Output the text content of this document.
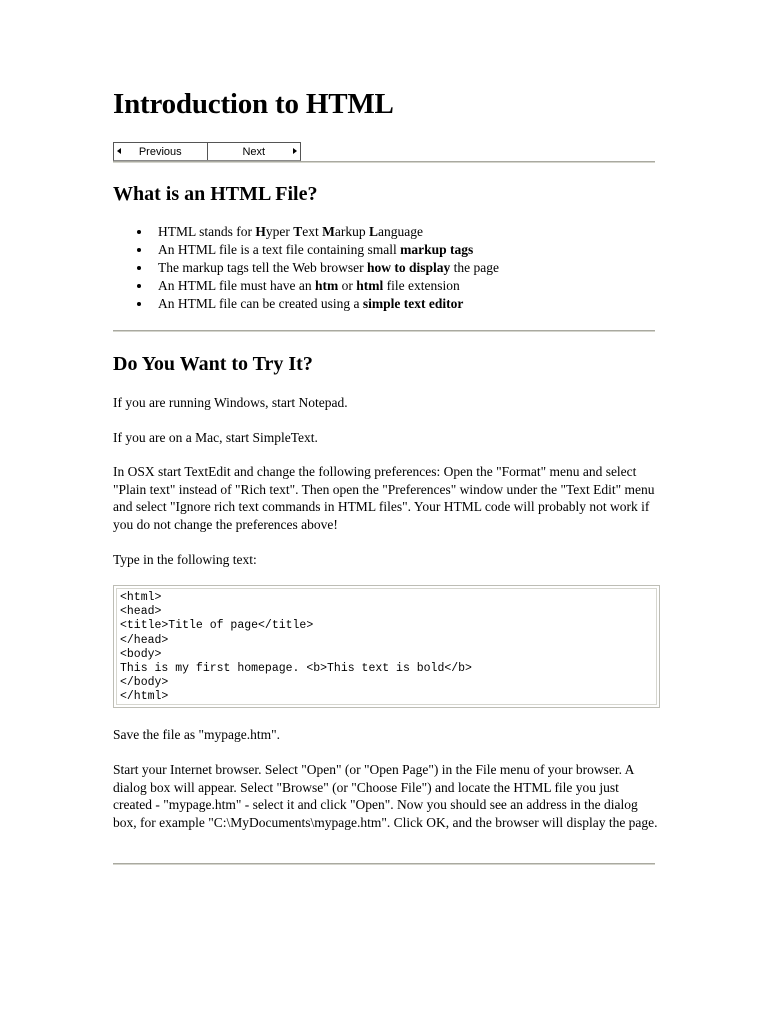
Introduction to HTML
Previous	Next
What is an HTML File?
HTML stands for Hyper Text Markup Language
An HTML file is a text file containing small markup tags
The markup tags tell the Web browser how to display the page
An HTML file must have an htm or html file extension
An HTML file can be created using a simple text editor
Do You Want to Try It?

If you are running Windows, start Notepad.

If you are on a Mac, start SimpleText.

In OSX start TextEdit and change the following preferences: Open the "Format" menu and select "Plain text" instead of "Rich text". Then open the "Preferences" window under the "Text Edit" menu and select "Ignore rich text commands in HTML files". Your HTML code will probably not work if you do not change the preferences above!

Type in the following text:

<html>
<head>
<title>Title of page</title>
</head>
<body>
This is my first homepage. <b>This text is bold</b>
</body>
</html>

Save the file as "mypage.htm".

Start your Internet browser. Select "Open" (or "Open Page") in the File menu of your browser. A dialog box will appear. Select "Browse" (or "Choose File") and locate the HTML file you just created - "mypage.htm" - select it and click "Open". Now you should see an address in the dialog box, for example "C:\MyDocuments\mypage.htm". Click OK, and the browser will display the page.
